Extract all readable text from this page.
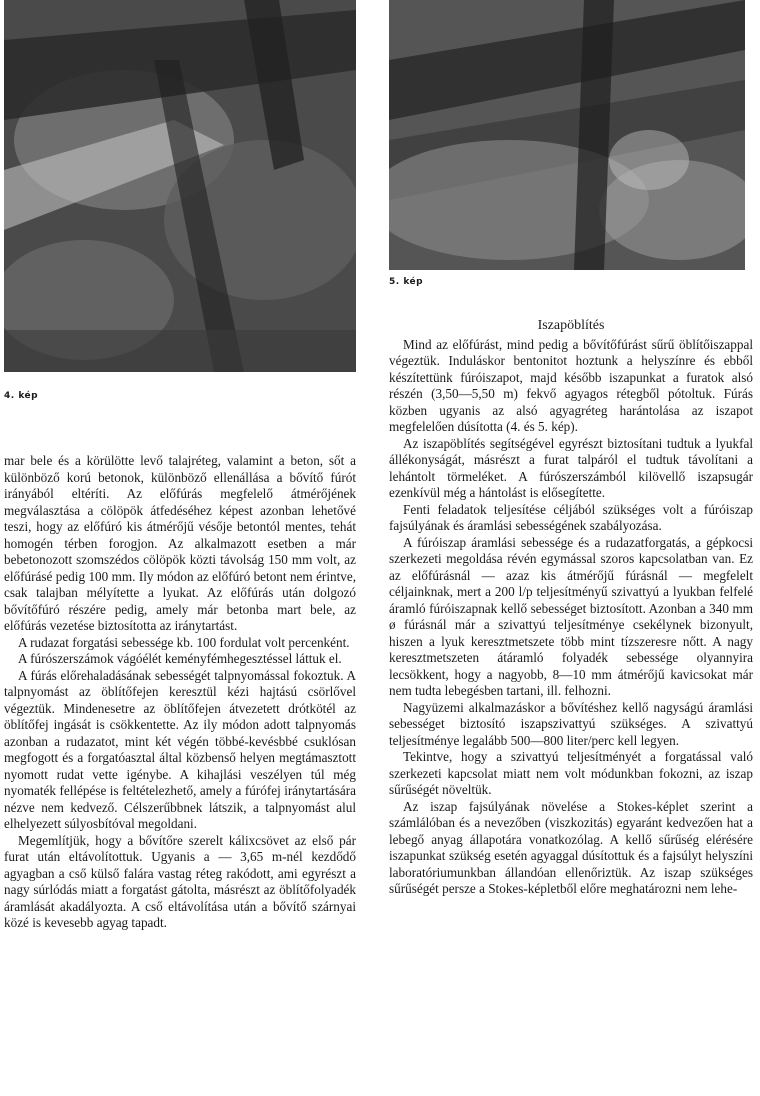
4. kép
5. kép

mar bele és a körülötte levő talajréteg, valamint a beton, sőt a különböző korú betonok, különböző ellenállása a bővítő fúrót irányából eltéríti. Az előfúrás megfelelő átmérőjének megválasztása a cölöpök átfedéséhez képest azonban lehetővé teszi, hogy az előfúró kis átmérőjű vésője betontól mentes, tehát homogén térben forogjon. Az alkalmazott esetben a már bebetonozott szomszédos cölöpök közti távolság 150 mm volt, az előfúrásé pedig 100 mm. Ily módon az előfúró betont nem érintve, csak talajban mélyítette a lyukat. Az előfúrás után dolgozó bővítőfúró részére pedig, amely már betonba mart bele, az előfúrás vezetése biztosította az iránytartást.

A rudazat forgatási sebessége kb. 100 fordulat volt percenként.

A fúrószerszámok vágóélét keményfémhegesztéssel láttuk el.

A fúrás előrehaladásának sebességét talpnyomással fokoztuk. A talpnyomást az öblítőfejen keresztül kézi hajtású csörlővel végeztük. Mindenesetre az öblítőfejen átvezetett drótkötél az öblítőfej ingását is csökkentette. Az ily módon adott talpnyomás azonban a rudazatot, mint két végén többé-kevésbbé csuklósan megfogott és a forgatóasztal által közbenső helyen megtámasztott nyomott rudat vette igénybe. A kihajlási veszélyen túl még nyomaték fellépése is feltételezhető, amely a fúrófej iránytartására nézve nem kedvező. Célszerűbbnek látszik, a talpnyomást alul elhelyezett súlyosbítóval megoldani.

Megemlítjük, hogy a bővítőre szerelt kálixcsövet az első pár furat után eltávolítottuk. Ugyanis a — 3,65 m-nél kezdődő agyagban a cső külső falára vastag réteg rakódott, ami egyrészt a nagy súrlódás miatt a forgatást gátolta, másrészt az öblítőfolyadék áramlását akadályozta. A cső eltávolítása után a bővítő szárnyai közé is kevesebb agyag tapadt.

Iszapöblítés

Mind az előfúrást, mind pedig a bővítőfúrást sűrű öblítőiszappal végeztük. Induláskor bentonitot hoztunk a helyszínre és ebből készítettünk fúróiszapot, majd később iszapunkat a furatok alsó részén (3,50—5,50 m) fekvő agyagos rétegből pótoltuk. Fúrás közben ugyanis az alsó agyagréteg harántolása az iszapot megfelelően dúsította (4. és 5. kép).

Az iszapöblítés segítségével egyrészt biztosítani tudtuk a lyukfal állékonyságát, másrészt a furat talpáról el tudtuk távolítani a lehántolt törmeléket. A fúrószerszámból kilövellő iszapsugár ezenkívül még a hántolást is elősegítette.

Fenti feladatok teljesítése céljából szükséges volt a fúróiszap fajsúlyának és áramlási sebességének szabályozása.

A fúróiszap áramlási sebessége és a rudazatforgatás, a gépkocsi szerkezeti megoldása révén egymással szoros kapcsolatban van. Ez az előfúrásnál — azaz kis átmérőjű fúrásnál — megfelelt céljainknak, mert a 200 l/p teljesítményű szivattyú a lyukban felfelé áramló fúróiszapnak kellő sebességet biztosított. Azonban a 340 mm ø fúrásnál már a szivattyú teljesítménye csekélynek bizonyult, hiszen a lyuk keresztmetszete több mint tízszeresre nőtt. A nagy keresztmetszeten átáramló folyadék sebessége olyannyira lecsökkent, hogy a nagyobb, 8—10 mm átmérőjű kavicsokat már nem tudta lebegésben tartani, ill. felhozni.

Nagyüzemi alkalmazáskor a bővítéshez kellő nagyságú áramlási sebességet biztosító iszapszivattyú szükséges. A szivattyú teljesítménye legalább 500—800 liter/perc kell legyen.

Tekintve, hogy a szivattyú teljesítményét a forgatással való szerkezeti kapcsolat miatt nem volt módunkban fokozni, az iszap sűrűségét növeltük.

Az iszap fajsúlyának növelése a Stokes-képlet szerint a számlálóban és a nevezőben (viszkozitás) egyaránt kedvezően hat a lebegő anyag állapotára vonatkozólag. A kellő sűrűség elérésére iszapunkat szükség esetén agyaggal dúsítottuk és a fajsúlyt helyszíni laboratóriumunkban állandóan ellenőriztük. Az iszap szükséges sűrűségét persze a Stokes-képletből előre meghatározni nem lehe-
